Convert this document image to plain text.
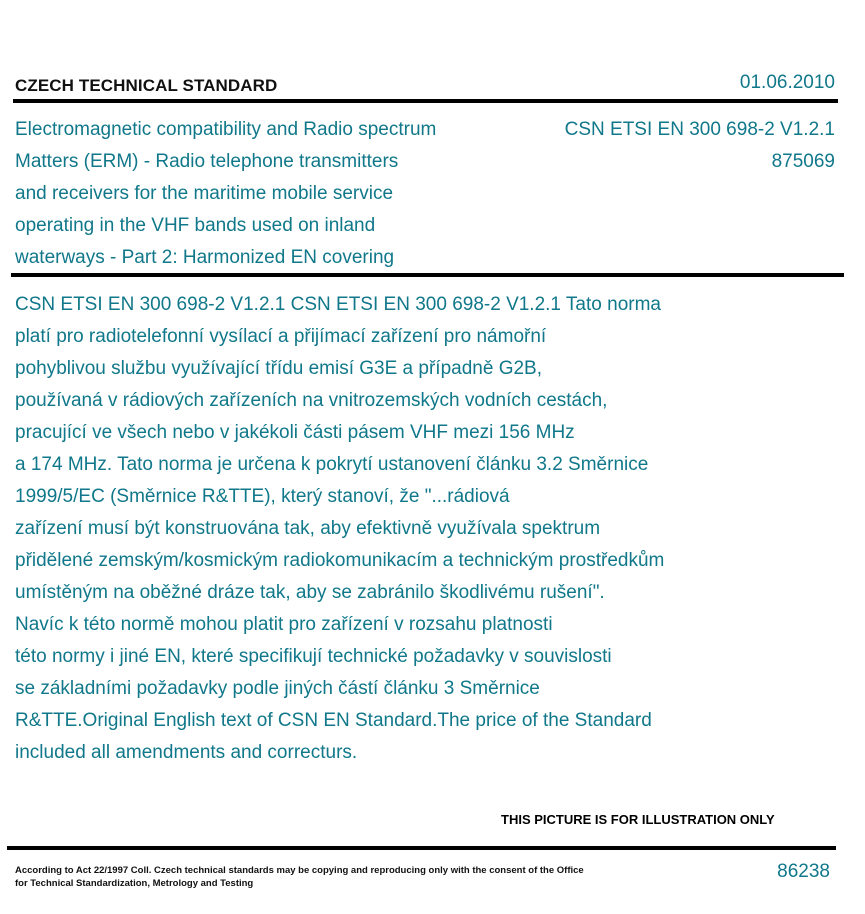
CZECH TECHNICAL STANDARD	01.06.2010
Electromagnetic compatibility and Radio spectrum
Matters (ERM) - Radio telephone transmitters
and receivers for the maritime mobile service
operating in the VHF bands used on inland
waterways - Part 2: Harmonized EN covering
CSN ETSI EN 300 698-2 V1.2.1
875069
CSN ETSI EN 300 698-2 V1.2.1 CSN ETSI EN 300 698-2 V1.2.1 Tato norma
platí pro radiotelefonní vysílací a přijímací zařízení pro námořní
pohyblivou službu využívající třídu emisí G3E a případně G2B,
používaná v rádiových zařízeních na vnitrozemských vodních cestách,
pracující ve všech nebo v jakékoli části pásem VHF mezi 156 MHz
a 174 MHz. Tato norma je určena k pokrytí ustanovení článku 3.2 Směrnice
1999/5/EC (Směrnice R&TTE), který stanoví, že "...rádiová
zařízení musí být konstruována tak, aby efektivně využívala spektrum
přidělené zemským/kosmickým radiokomunikacím a technickým prostředkům
umístěným na oběžné dráze tak, aby se zabránilo škodlivému rušení".
Navíc k této normě mohou platit pro zařízení v rozsahu platnosti
této normy i jiné EN, které specifikují technické požadavky v souvislosti
se základními požadavky podle jiných částí článku 3 Směrnice
R&TTE.Original English text of CSN EN Standard.The price of the Standard
included all amendments and correcturs.
THIS PICTURE IS FOR ILLUSTRATION ONLY
According to Act 22/1997 Coll. Czech technical standards may be copying and reproducing only with the consent of the Office
for Technical Standardization, Metrology and Testing
86238
